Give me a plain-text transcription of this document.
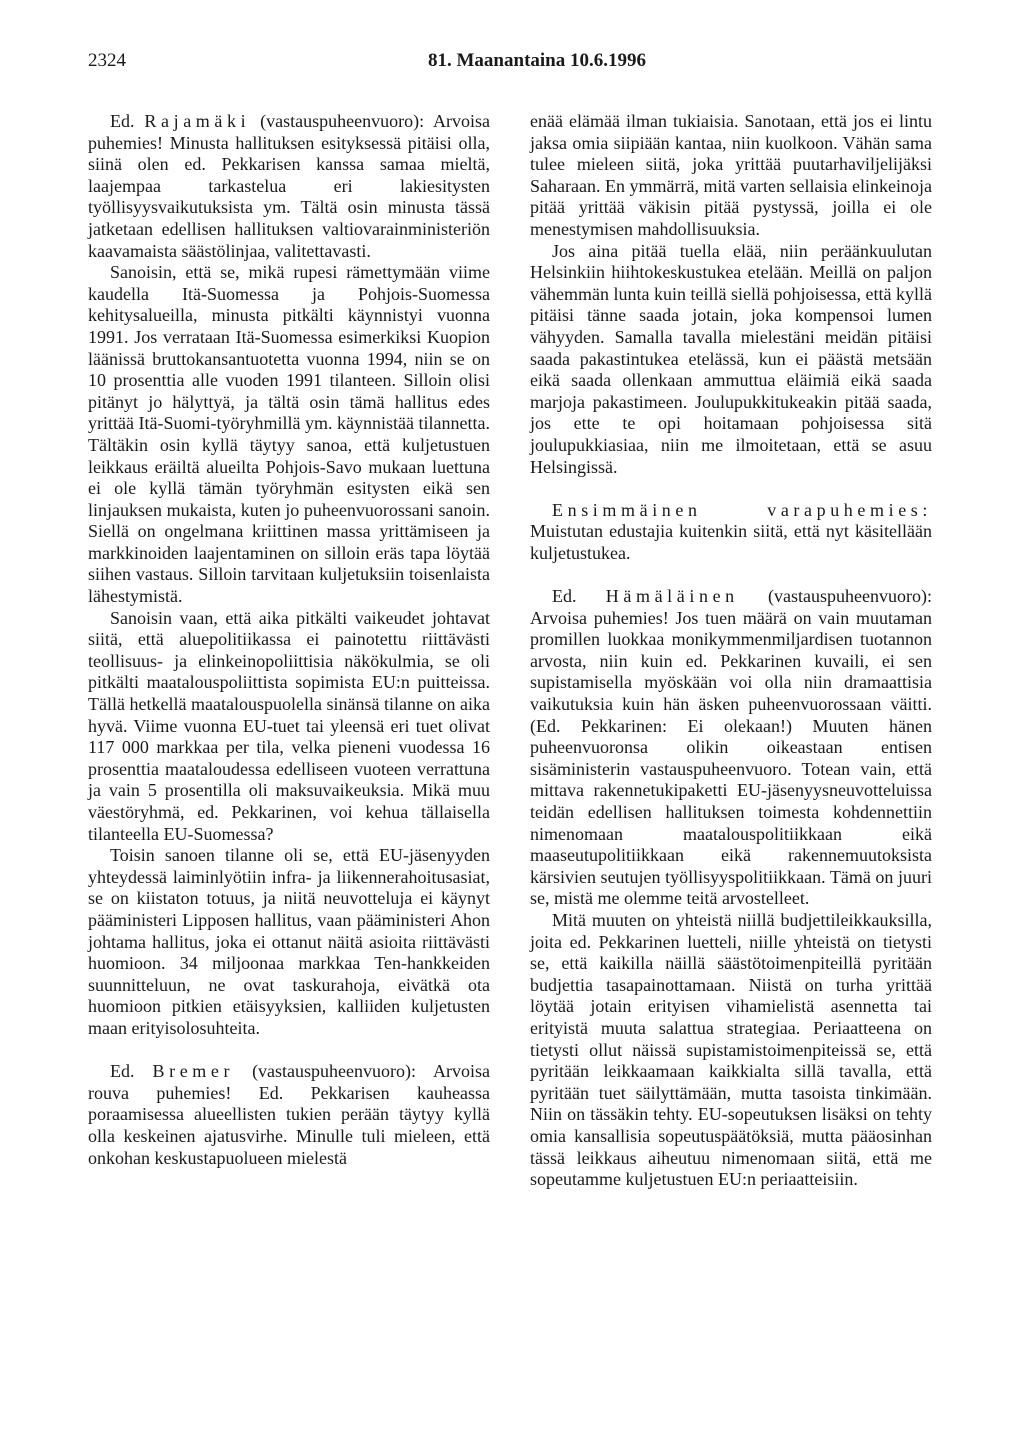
2324	81. Maanantaina 10.6.1996

Ed. Rajamäki (vastauspuheenvuoro): Arvoisa puhemies! Minusta hallituksen esityksessä pitäisi olla, siinä olen ed. Pekkarisen kanssa samaa mieltä, laajempaa tarkastelua eri lakiesitysten työllisyysvaikutuksista ym. Tältä osin minusta tässä jatketaan edellisen hallituksen valtiovarainministeriön kaavamaista säästölinjaa, valitettavasti.

Sanoisin, että se, mikä rupesi rämettymään viime kaudella Itä-Suomessa ja Pohjois-Suomessa kehitysalueilla, minusta pitkälti käynnistyi vuonna 1991. Jos verrataan Itä-Suomessa esimerkiksi Kuopion läänissä bruttokansantuotetta vuonna 1994, niin se on 10 prosenttia alle vuoden 1991 tilanteen. Silloin olisi pitänyt jo hälyttyä, ja tältä osin tämä hallitus edes yrittää Itä-Suomi-työryhmillä ym. käynnistää tilannetta. Tältäkin osin kyllä täytyy sanoa, että kuljetustuen leikkaus eräiltä alueilta Pohjois-Savo mukaan luettuna ei ole kyllä tämän työryhmän esitysten eikä sen linjauksen mukaista, kuten jo puheenvuorossani sanoin. Siellä on ongelmana kriittinen massa yrittämiseen ja markkinoiden laajentaminen on silloin eräs tapa löytää siihen vastaus. Silloin tarvitaan kuljetuksiin toisenlaista lähestymistä.

Sanoisin vaan, että aika pitkälti vaikeudet johtavat siitä, että aluepolitiikassa ei painotettu riittävästi teollisuus- ja elinkeinopoliittisia näkökulmia, se oli pitkälti maatalouspoliittista sopimista EU:n puitteissa. Tällä hetkellä maatalouspuolella sinänsä tilanne on aika hyvä. Viime vuonna EU-tuet tai yleensä eri tuet olivat 117 000 markkaa per tila, velka pieneni vuodessa 16 prosenttia maataloudessa edelliseen vuoteen verrattuna ja vain 5 prosentilla oli maksuvaikeuksia. Mikä muu väestöryhmä, ed. Pekkarinen, voi kehua tällaisella tilanteella EU-Suomessa?

Toisin sanoen tilanne oli se, että EU-jäsenyyden yhteydessä laiminlyötiin infra- ja liikennerahoitusasiat, se on kiistaton totuus, ja niitä neuvotteluja ei käynyt pääministeri Lipposen hallitus, vaan pääministeri Ahon johtama hallitus, joka ei ottanut näitä asioita riittävästi huomioon. 34 miljoonaa markkaa Ten-hankkeiden suunnitteluun, ne ovat taskurahoja, eivätkä ota huomioon pitkien etäisyyksien, kalliiden kuljetusten maan erityisolosuhteita.

Ed. Bremer (vastauspuheenvuoro): Arvoisa rouva puhemies! Ed. Pekkarisen kauheassa poraamisessa alueellisten tukien perään täytyy kyllä olla keskeinen ajatusvirhe. Minulle tuli mieleen, että onkohan keskustapuolueen mielestä

enää elämää ilman tukiaisia. Sanotaan, että jos ei lintu jaksa omia siipiään kantaa, niin kuolkoon. Vähän sama tulee mieleen siitä, joka yrittää puutarhaviljelijäksi Saharaan. En ymmärrä, mitä varten sellaisia elinkeinoja pitää yrittää väkisin pitää pystyssä, joilla ei ole menestymisen mahdollisuuksia.

Jos aina pitää tuella elää, niin peräänkuulutan Helsinkiin hiihtokeskustukea etelään. Meillä on paljon vähemmän lunta kuin teillä siellä pohjoisessa, että kyllä pitäisi tänne saada jotain, joka kompensoi lumen vähyyden. Samalla tavalla mielestäni meidän pitäisi saada pakastintukea etelässä, kun ei päästä metsään eikä saada ollenkaan ammuttua eläimiä eikä saada marjoja pakastimeen. Joulupukkitukeakin pitää saada, jos ette te opi hoitamaan pohjoisessa sitä joulupukkiasiaa, niin me ilmoitetaan, että se asuu Helsingissä.

Ensimmäinen varapuhemies: Muistutan edustajia kuitenkin siitä, että nyt käsitellään kuljetustukea.

Ed. Hämäläinen (vastauspuheenvuoro): Arvoisa puhemies! Jos tuen määrä on vain muutaman promillen luokkaa monikymmenmiljardisen tuotannon arvosta, niin kuin ed. Pekkarinen kuvaili, ei sen supistamisella myöskään voi olla niin dramaattisia vaikutuksia kuin hän äsken puheenvuorossaan väitti. (Ed. Pekkarinen: Ei olekaan!) Muuten hänen puheenvuoronsa olikin oikeastaan entisen sisäministerin vastauspuheenvuoro. Totean vain, että mittava rakennetukipaketti EU-jäsenyysneuvotteluissa teidän edellisen hallituksen toimesta kohdennettiin nimenomaan maatalouspolitiikkaan eikä maaseutupolitiikkaan eikä rakennemuutoksista kärsivien seutujen työllisyyspolitiikkaan. Tämä on juuri se, mistä me olemme teitä arvostelleet.

Mitä muuten on yhteistä niillä budjettileikkauksilla, joita ed. Pekkarinen luetteli, niille yhteistä on tietysti se, että kaikilla näillä säästötoimenpiteillä pyritään budjettia tasapainottamaan. Niistä on turha yrittää löytää jotain erityisen vihamielistä asennetta tai erityistä muuta salattua strategiaa. Periaatteena on tietysti ollut näissä supistamistoimenpiteissä se, että pyritään leikkaamaan kaikkialta sillä tavalla, että pyritään tuet säilyttämään, mutta tasoista tinkimään. Niin on tässäkin tehty. EU-sopeutuksen lisäksi on tehty omia kansallisia sopeutuspäätöksiä, mutta pääosinhan tässä leikkaus aiheutuu nimenomaan siitä, että me sopeutamme kuljetustuen EU:n periaatteisiin.
